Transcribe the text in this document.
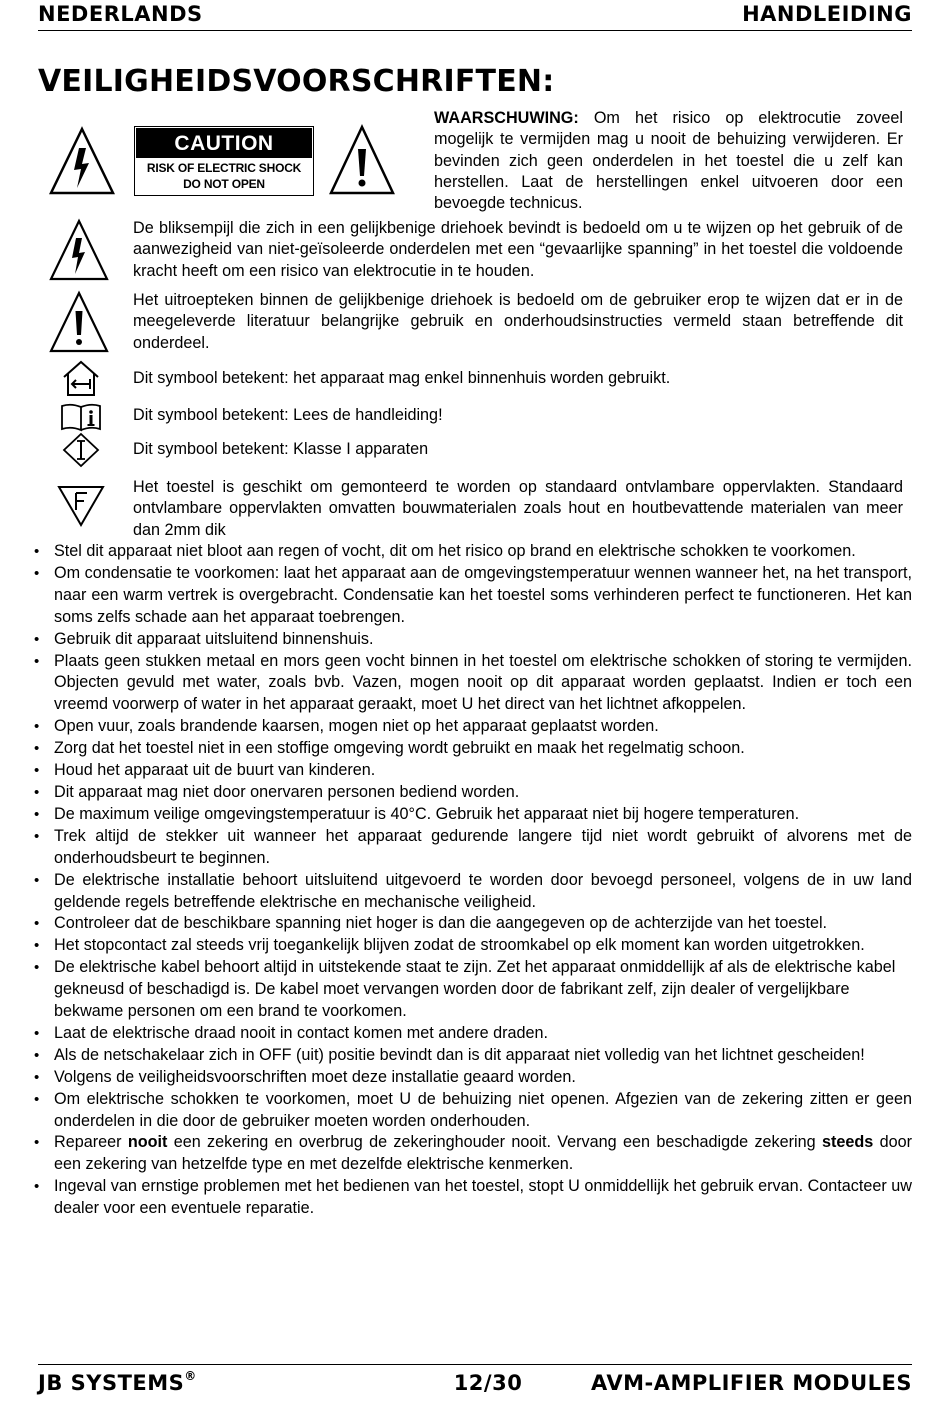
NEDERLANDS	HANDLEIDING
VEILIGHEIDSVOORSCHRIFTEN:
CAUTION
RISK OF ELECTRIC SHOCK
DO NOT OPEN
WAARSCHUWING: Om het risico op elektrocutie zoveel mogelijk te vermijden mag u nooit de behuizing verwijderen. Er bevinden zich geen onderdelen in het toestel die u zelf kan herstellen. Laat de herstellingen enkel uitvoeren door een bevoegde technicus.
De bliksempijl die zich in een gelijkbenige driehoek bevindt is bedoeld om u te wijzen op het gebruik of de aanwezigheid van niet-geïsoleerde onderdelen met een “gevaarlijke spanning” in het toestel die voldoende kracht heeft om een risico van elektrocutie in te houden.
Het uitroepteken binnen de gelijkbenige driehoek is bedoeld om de gebruiker erop te wijzen dat er in de meegeleverde literatuur belangrijke gebruik en onderhoudsinstructies vermeld staan betreffende dit onderdeel.
Dit symbool betekent: het apparaat mag enkel binnenhuis worden gebruikt.
Dit symbool betekent: Lees de handleiding!
Dit symbool betekent: Klasse I apparaten
Het toestel is geschikt om gemonteerd te worden op standaard ontvlambare oppervlakten. Standaard ontvlambare oppervlakten omvatten bouwmaterialen zoals hout en houtbevattende materialen van meer dan 2mm dik
• Stel dit apparaat niet bloot aan regen of vocht, dit om het risico op brand en elektrische schokken te voorkomen.
• Om condensatie te voorkomen: laat het apparaat aan de omgevingstemperatuur wennen wanneer het, na het transport, naar een warm vertrek is overgebracht. Condensatie kan het toestel soms verhinderen perfect te functioneren. Het kan soms zelfs schade aan het apparaat toebrengen.
• Gebruik dit apparaat uitsluitend binnenshuis.
• Plaats geen stukken metaal en mors geen vocht binnen in het toestel om elektrische schokken of storing te vermijden. Objecten gevuld met water, zoals bvb. Vazen, mogen nooit op dit apparaat worden geplaatst. Indien er toch een vreemd voorwerp of water in het apparaat geraakt, moet U het direct van het lichtnet afkoppelen.
• Open vuur, zoals brandende kaarsen, mogen niet op het apparaat geplaatst worden.
• Zorg dat het toestel niet in een stoffige omgeving wordt gebruikt en maak het regelmatig schoon.
• Houd het apparaat uit de buurt van kinderen.
• Dit apparaat mag niet door onervaren personen bediend worden.
• De maximum veilige omgevingstemperatuur is 40°C. Gebruik het apparaat niet bij hogere temperaturen.
• Trek altijd de stekker uit wanneer het apparaat gedurende langere tijd niet wordt gebruikt of alvorens met de onderhoudsbeurt te beginnen.
• De elektrische installatie behoort uitsluitend uitgevoerd te worden door bevoegd personeel, volgens de in uw land geldende regels betreffende elektrische en mechanische veiligheid.
• Controleer dat de beschikbare spanning niet hoger is dan die aangegeven op de achterzijde van het toestel.
• Het stopcontact zal steeds vrij toegankelijk blijven zodat de stroomkabel op elk moment kan worden uitgetrokken.
• De elektrische kabel behoort altijd in uitstekende staat te zijn. Zet het apparaat onmiddellijk af als de elektrische kabel gekneusd of beschadigd is. De kabel moet vervangen worden door de fabrikant zelf, zijn dealer of vergelijkbare bekwame personen om een brand te voorkomen.
• Laat de elektrische draad nooit in contact komen met andere draden.
• Als de netschakelaar zich in OFF (uit) positie bevindt dan is dit apparaat niet volledig van het lichtnet gescheiden!
• Volgens de veiligheidsvoorschriften moet deze installatie geaard worden.
• Om elektrische schokken te voorkomen, moet U de behuizing niet openen. Afgezien van de zekering zitten er geen onderdelen in die door de gebruiker moeten worden onderhouden.
• Repareer nooit een zekering en overbrug de zekeringhouder nooit. Vervang een beschadigde zekering steeds door een zekering van hetzelfde type en met dezelfde elektrische kenmerken.
• Ingeval van ernstige problemen met het bedienen van het toestel, stopt U onmiddellijk het gebruik ervan. Contacteer uw dealer voor een eventuele reparatie.
JB SYSTEMS®	12/30	AVM-AMPLIFIER MODULES
